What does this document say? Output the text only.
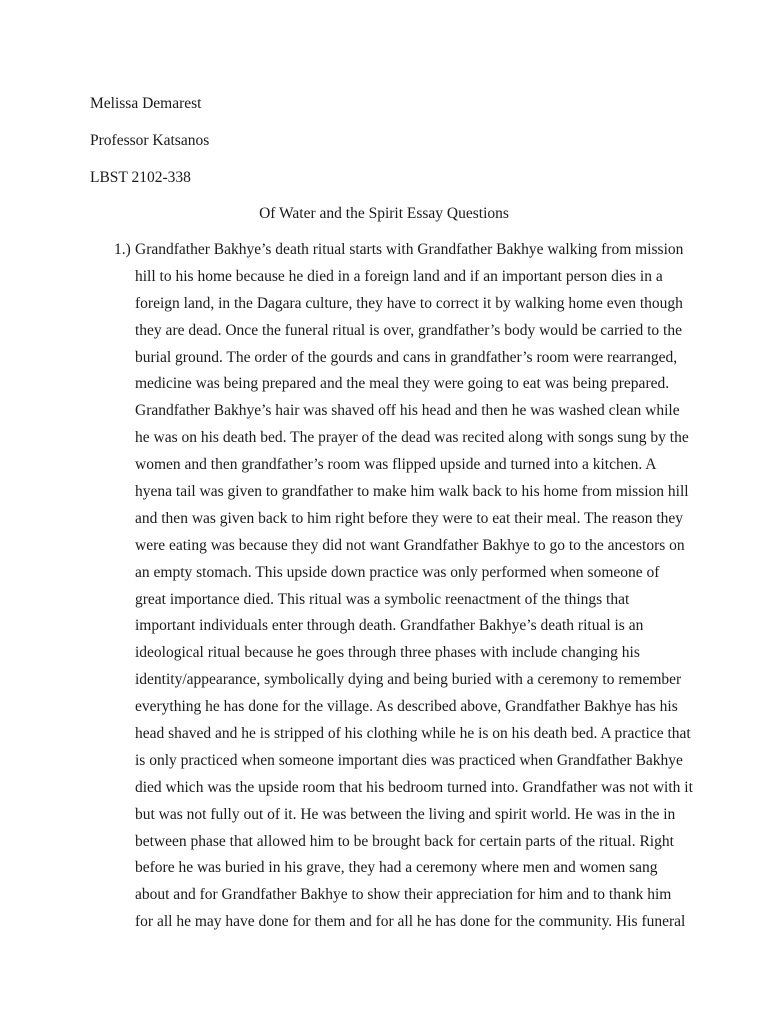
Melissa Demarest
Professor Katsanos
LBST 2102-338
Of Water and the Spirit Essay Questions
1.) Grandfather Bakhye’s death ritual starts with Grandfather Bakhye walking from mission
hill to his home because he died in a foreign land and if an important person dies in a
foreign land, in the Dagara culture, they have to correct it by walking home even though
they are dead. Once the funeral ritual is over, grandfather’s body would be carried to the
burial ground. The order of the gourds and cans in grandfather’s room were rearranged,
medicine was being prepared and the meal they were going to eat was being prepared.
Grandfather Bakhye’s hair was shaved off his head and then he was washed clean while
he was on his death bed. The prayer of the dead was recited along with songs sung by the
women and then grandfather’s room was flipped upside and turned into a kitchen. A
hyena tail was given to grandfather to make him walk back to his home from mission hill
and then was given back to him right before they were to eat their meal. The reason they
were eating was because they did not want Grandfather Bakhye to go to the ancestors on
an empty stomach. This upside down practice was only performed when someone of
great importance died. This ritual was a symbolic reenactment of the things that
important individuals enter through death. Grandfather Bakhye’s death ritual is an
ideological ritual because he goes through three phases with include changing his
identity/appearance, symbolically dying and being buried with a ceremony to remember
everything he has done for the village. As described above, Grandfather Bakhye has his
head shaved and he is stripped of his clothing while he is on his death bed. A practice that
is only practiced when someone important dies was practiced when Grandfather Bakhye
died which was the upside room that his bedroom turned into. Grandfather was not with it
but was not fully out of it. He was between the living and spirit world. He was in the in
between phase that allowed him to be brought back for certain parts of the ritual. Right
before he was buried in his grave, they had a ceremony where men and women sang
about and for Grandfather Bakhye to show their appreciation for him and to thank him
for all he may have done for them and for all he has done for the community. His funeral
